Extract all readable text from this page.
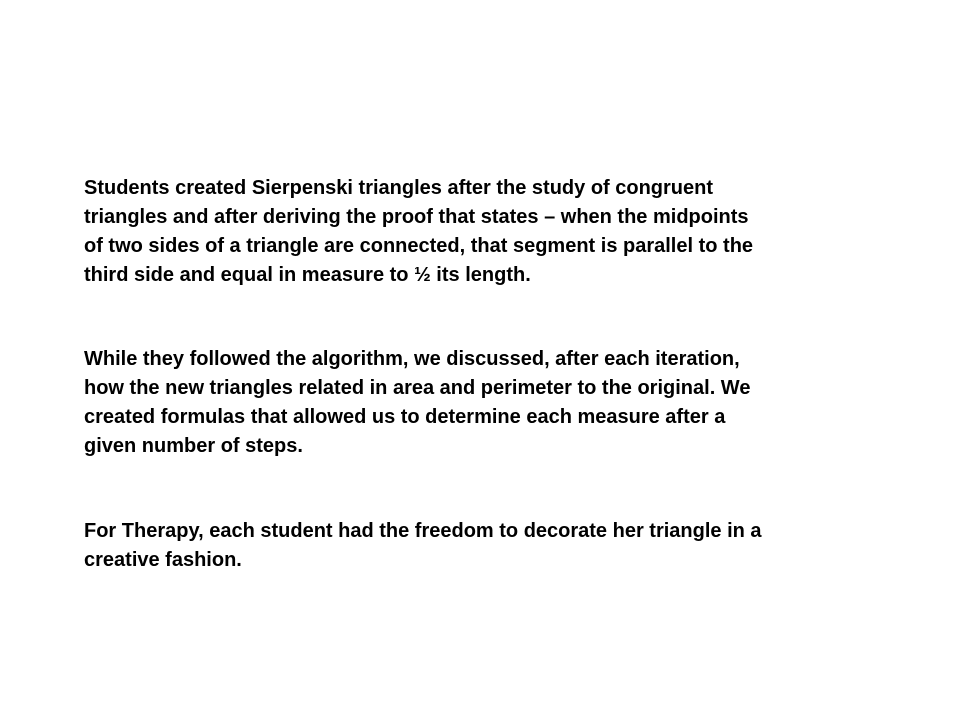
Students created Sierpenski triangles after the study of congruent
triangles and after deriving the proof that states – when the midpoints
of two sides of a triangle are connected, that segment is parallel to the
third side and equal in measure to ½ its length.
While they followed the algorithm, we discussed, after each iteration,
how the new triangles related in area and perimeter to the original. We
created formulas that allowed us to determine each measure after a
given number of steps.
For Therapy, each student had the freedom to decorate her triangle in a
creative fashion.
